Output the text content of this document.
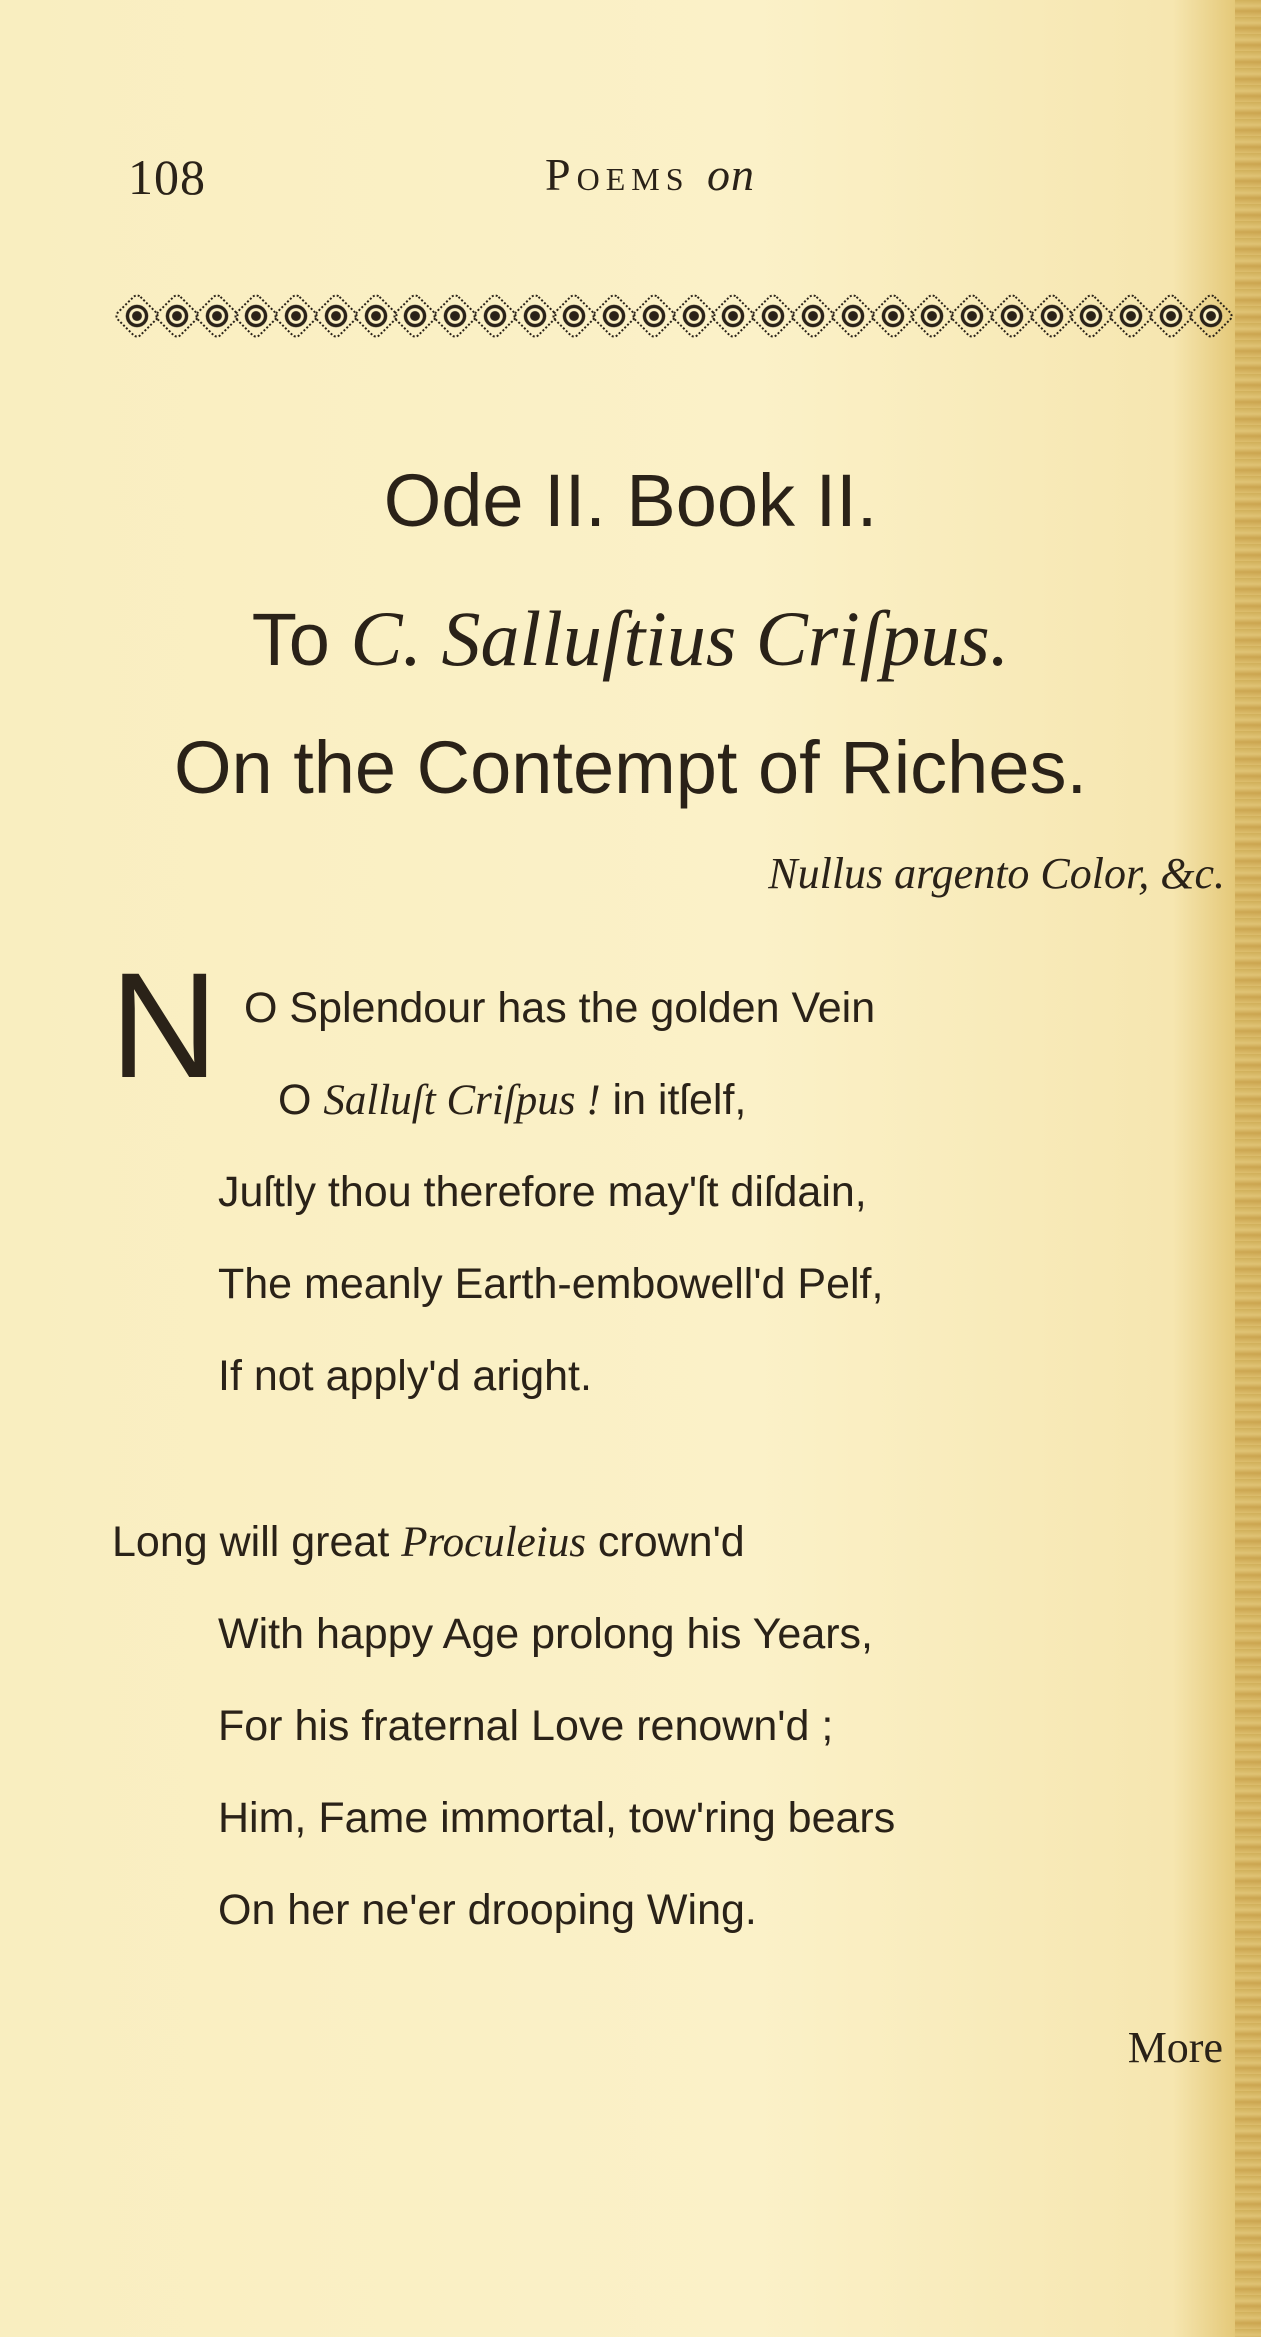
108	Poems on
Ode II. Book II.
To C. Salluſtius Criſpus.
On the Contempt of Riches.
Nullus argento Color, &c.
N O Splendour has the golden Vein
O Salluſt Criſpus ! in itſelf,
Juſtly thou therefore may'ſt diſdain,
The meanly Earth-embowell'd Pelf,
If not apply'd aright.
Long will great Proculeius crown'd
With happy Age prolong his Years,
For his fraternal Love renown'd ;
Him, Fame immortal, tow'ring bears
On her ne'er drooping Wing.
More
